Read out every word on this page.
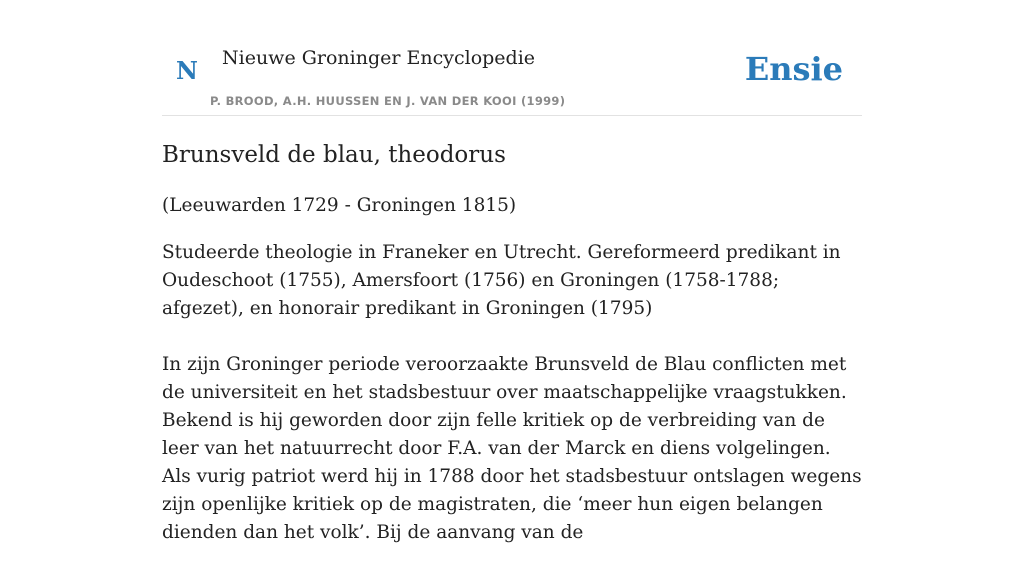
N Nieuwe Groninger Encyclopedie
P. BROOD, A.H. HUUSSEN EN J. VAN DER KOOI (1999)
Ensie
Brunsveld de blau, theodorus

(Leeuwarden 1729 - Groningen 1815)

Studeerde theologie in Franeker en Utrecht. Gereformeerd predikant in Oudeschoot (1755), Amersfoort (1756) en Groningen (1758-1788; afgezet), en honorair predikant in Groningen (1795)

In zijn Groninger periode veroorzaakte Brunsveld de Blau conflicten met de universiteit en het stadsbestuur over maatschappelijke vraagstukken. Bekend is hij geworden door zijn felle kritiek op de verbreiding van de leer van het natuurrecht door F.A. van der Marck en diens volgelingen. Als vurig patriot werd hij in 1788 door het stadsbestuur ontslagen wegens zijn openlijke kritiek op de magistraten, die ‘meer hun eigen belangen dienden dan het volk’. Bij de aanvang van de
